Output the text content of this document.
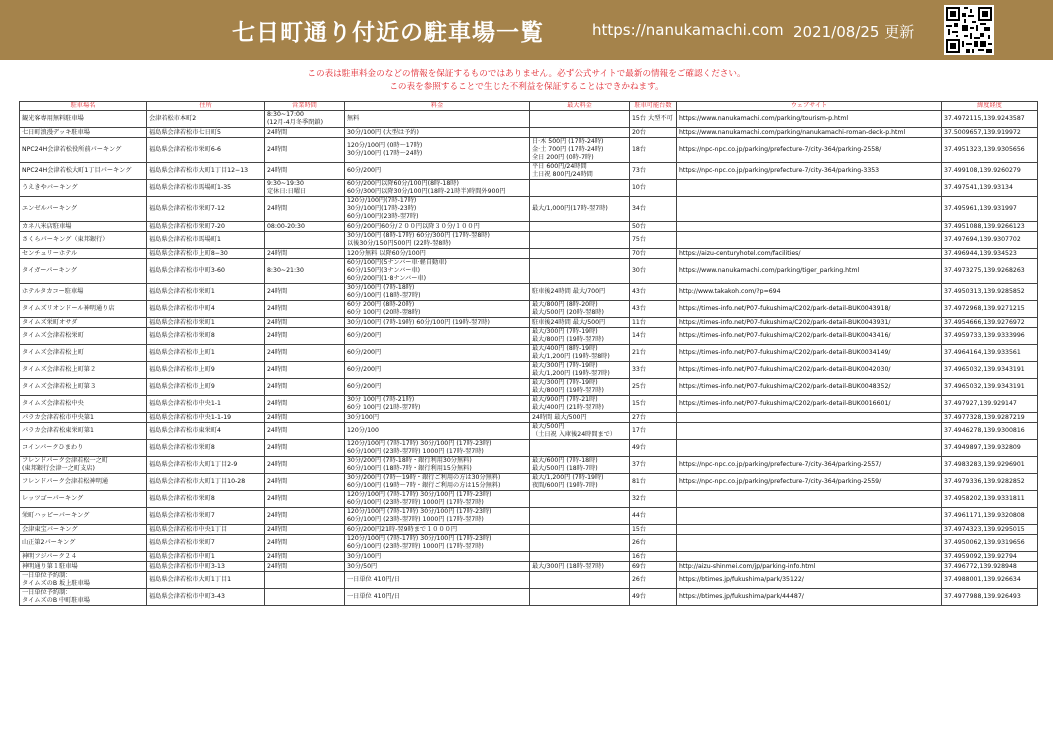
七日町通り付近の駐車場一覧	https://nanukamachi.com 2021/08/25 更新
この表は駐車料金のなどの情報を保証するものではありません。必ず公式サイトで最新の情報をご確認ください。
この表を参照することで生じた不利益を保証することはできかねます。
駐車場名	住所	営業時間	料金	最大料金	駐車可能台数	ウェブサイト	緯度経度
観光客専用無料駐車場	会津若松市本町2	8:30~17:00
(12月-4月冬季閉鎖)	無料		15台 大型不可	https://www.nanukamachi.com/parking/tourism-p.html	37.4972115,139.9243587
七日町浪漫デッキ駐車場	福島県会津若松市七日町5	24時間	30分/100円 (大型は予約)		20台	https://www.nanukamachi.com/parking/nanukamachi-roman-deck-p.html	37.5009657,139.919972
NPC24H会津若松役所前パーキング	福島県会津若松市栄町6-6	24時間	120分/100円 (0時〜17時)
30分/100円 (17時〜24時)	日·木 500円 (17時-24時)
金·土 700円 (17時-24時)
全日 200円 (0時-7時)	18台	https://npc-npc.co.jp/parking/prefecture-7/city-364/parking-2558/	37.4951323,139.9305656
NPC24H会津若松大町1丁目パーキング	福島県会津若松市大町1丁目12−13	24時間	60分/200円	平日 600円/24時間
土日祝 800円/24時間	73台	https://npc-npc.co.jp/parking/prefecture-7/city-364/parking-3353	37.499108,139.9260279
うえきやパーキング	福島県会津若松市馬場町1-35	9:30~19:30
定休日:日曜日	60分/200円以降60分/100円(8時-18時)
60分/300円以降30分/100円(18時-21時半)時間外900円		10台		37.497541,139.93134
エンゼルパーキング	福島県会津若松市栄町7-12	24時間	120分/100円(7時-17時)
30分/100円(17時-23時)
60分/100円(23時-翌7時)	最大/1,000円(17時-翌7時)	34台		37.495961,139.931997
カネ八米店駐車場	福島県会津若松市栄町7-20	08:00-20:30	60分/200円60分/２００円以降３０分/１００円		50台		37.4951088,139.9266123
さくらパーキング（東邦銀行）	福島県会津若松市馬場町1		30分/100円 (8時-17時) 60分/300円 (17時-翌8時)
以後30分/150円500円 (22時-翌8時)		75台		37.497694,139.9307702
センチュリーホテル	福島県会津若松市上町8−30	24時間	120分無料 以降60分/100円		70台	https://aizu-centuryhotel.com/facilities/	37.496944,139.934523
タイガーパーキング	福島県会津若松市中町3-60	8:30~21:30	60分/100円(5ナンバー車·軽自動車)
60分/150円(3ナンバー車)
60分/200円(1·8ナンバー車)		30台	https://www.nanukamachi.com/parking/tiger_parking.html	37.4973275,139.9268263
ホテルタカコー駐車場	福島県会津若松市栄町1	24時間	30分/100円 (7時-18時)
60分/100円 (18時-翌7時)	駐車後24時間 最大/700円	43台	http://www.takakoh.com/?p=694	37.4950313,139.9285852
タイムズリオンドール神明通り店	福島県会津若松市中町4	24時間	60分 200円 (8時-20時)
60分 100円 (20時-翌8時)	最大/800円 (8時-20時)
最大/500円 (20時-翌8時)	43台	https://times-info.net/P07-fukushima/C202/park-detail-BUK0043918/	37.4972968,139.9271215
タイムズ栄町オサダ	福島県会津若松市栄町1	24時間	30分/100円 (7時-19時) 60分/100円 (19時-翌7時)	駐車後24時間 最大/500円	11台	https://times-info.net/P07-fukushima/C202/park-detail-BUK0043931/	37.4954666,139.9276972
タイムズ会津若松栄町	福島県会津若松市栄町8	24時間	60分/200円	最大/300円 (7時-19時)
最大/800円 (19時-翌7時)	14台	https://times-info.net/P07-fukushima/C202/park-detail-BUK0043416/	37.4959733,139.9333996
タイムズ会津若松上町	福島県会津若松市上町1	24時間	60分/200円	最大/400円 (8時-19時)
最大/1,200円 (19時-翌8時)	21台	https://times-info.net/P07-fukushima/C202/park-detail-BUK0034149/	37.4964164,139.933561
タイムズ会津若松上町第２	福島県会津若松市上町9	24時間	60分/200円	最大/300円 (7時-19時)
最大/1,200円 (19時-翌7時)	33台	https://times-info.net/P07-fukushima/C202/park-detail-BUK0042030/	37.4965032,139.9343191
タイムズ会津若松上町第３	福島県会津若松市上町9	24時間	60分/200円	最大/300円 (7時-19時)
最大/800円 (19時-翌7時)	25台	https://times-info.net/P07-fukushima/C202/park-detail-BUK0048352/	37.4965032,139.9343191
タイムズ会津若松中央	福島県会津若松市中央1-1	24時間	30分 100円 (7時-21時)
60分 100円 (21時-翌7時)	最大/900円 (7時-21時)
最大/400円 (21時-翌7時)	15台	https://times-info.net/P07-fukushima/C202/park-detail-BUK0016601/	37.497927,139.929147
パラカ会津若松市中央第1	福島県会津若松市中央1-1-19	24時間	30分100円	24時間 最大/500円	27台		37.4977328,139.9287219
パラカ会津若松東栄町第1	福島県会津若松市東栄町4	24時間	120分/100	最大/500円
（土日祝 入庫後24時間まで）	17台		37.4946278,139.9300816
コインパークひまわり	福島県会津若松市栄町8	24時間	120分/100円 (7時-17時) 30分/100円 (17時-23時)
60分/100円 (23時-翌7時) 1000円 (17時-翌7時)		49台		37.4949897,139.932809
フレンドパーク会津若松一之町
(東邦銀行会津一之町支店)	福島県会津若松市大町1丁目2-9	24時間	30分/200円 (7時-18時・銀行利用30分無料)
60分/100円 (18時-7時・銀行利用15分無料)	最大/600円 (7時-18時)
最大/500円 (18時-7時)	37台	https://npc-npc.co.jp/parking/prefecture-7/city-364/parking-2557/	37.4983283,139.9296901
フレンドパーク会津若松神明通	福島県会津若松市大町1丁目10-28	24時間	30分/200円 (7時〜19時・銀行ご利用の方は30分無料)
60分/100円 (19時〜7時・銀行ご利用の方は15分無料)	最大/1,200円 (7時-19時)
夜間/600円 (19時-7時)	81台	https://npc-npc.co.jp/parking/prefecture-7/city-364/parking-2559/	37.4979336,139.9282852
レッツゴーパーキング	福島県会津若松市栄町8	24時間	120分/100円 (7時-17時) 30分/100円 (17時-23時)
60分/100円 (23時-翌7時) 1000円 (17時-翌7時)		32台		37.4958202,139.9331811
栄町ハッピーパーキング	福島県会津若松市栄町7	24時間	120分/100円 (7時-17時) 30分/100円 (17時-23時)
60分/100円 (23時-翌7時) 1000円 (17時-翌7時)		44台		37.4961171,139.9320808
会津東宝パーキング	福島県会津若松市中央1丁目	24時間	60分/200円21時-翌9時まで１０００円		15台		37.4974323,139.9295015
山正第2パーキング	福島県会津若松市栄町7	24時間	120分/100円 (7時-17時) 30分/100円 (17時-23時)
60分/100円 (23時-翌7時) 1000円 (17時-翌7時)		26台		37.4950062,139.9319656
神明フジパーク２４	福島県会津若松市中町1	24時間	30分/100円		16台		37.4959092,139.92794
神明通り第１駐車場	福島県会津若松市中町3-13	24時間	30分/50円	最大/300円 (18時-翌7時)	69台	http://aizu-shinmei.com/jp/parking-info.html	37.496772,139.928948
一日単位予約制：
タイムズのB 坂上駐車場	福島県会津若松市大町1丁目1		一日単位 410円/日		26台	https://btimes.jp/fukushima/park/35122/	37.4988001,139.926634
一日単位予約制：
タイムズのB 中町駐車場	福島県会津若松市中町3-43		一日単位 410円/日		49台	https://btimes.jp/fukushima/park/44487/	37.4977988,139.926493
